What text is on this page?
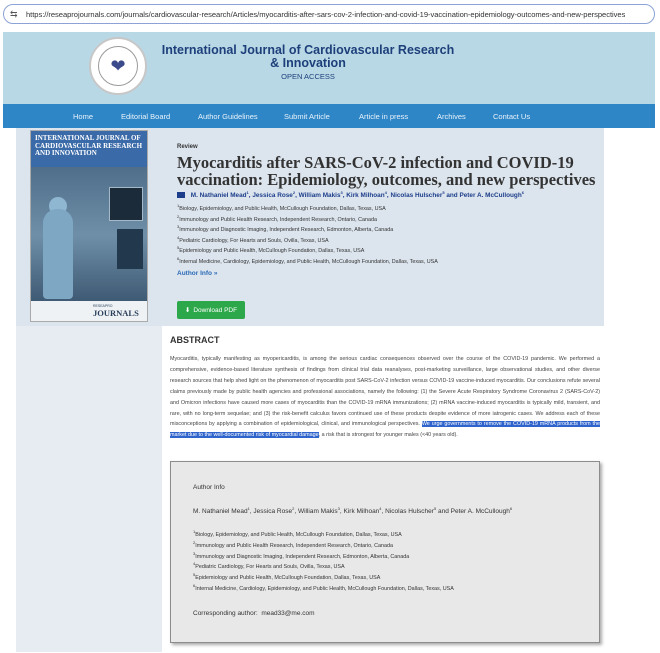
⇆	https://reseaprojournals.com/journals/cardiovascular-research/Articles/myocarditis-after-sars-cov-2-infection-and-covid-19-vaccination-epidemiology-outcomes-and-new-perspectives
❤
International Journal of Cardiovascular Research
& Innovation
OPEN ACCESS
Home	Editorial Board	Author Guidelines	Submit Article	Article in press	Archives	Contact Us
INTERNATIONAL JOURNAL OF CARDIOVASCULAR RESEARCH AND INNOVATION
RESEAPRO
JOURNALS
Review
Myocarditis after SARS-CoV-2 infection and COVID-19 vaccination: Epidemiology, outcomes, and new perspectives
M. Nathaniel Mead$^1$, Jessica Rose$^2$, William Makis$^3$, Kirk Milhoan$^4$, Nicolas Hulscher$^5$ and Peter A. McCullough$^6$
$^1$Biology, Epidemiology, and Public Health, McCullough Foundation, Dallas, Texas, USA
$^2$Immunology and Public Health Research, Independent Research, Ontario, Canada
$^3$Immunology and Diagnostic Imaging, Independent Research, Edmonton, Alberta, Canada
$^4$Pediatric Cardiology, For Hearts and Souls, Ovilla, Texas, USA
$^5$Epidemiology and Public Health, McCullough Foundation, Dallas, Texas, USA
$^6$Internal Medicine, Cardiology, Epidemiology, and Public Health, McCullough Foundation, Dallas, Texas, USA
Author Info »
⬇ Download PDF
ABSTRACT
Myocarditis, typically manifesting as myopericarditis, is among the serious cardiac consequences observed over the course of the COVID-19 pandemic. We performed a comprehensive, evidence-based literature synthesis of findings from clinical trial data reanalyses, post-marketing surveillance, large observational studies, and other diverse research sources that help shed light on the phenomenon of myocarditis post SARS-CoV-2 infection versus COVID-19 vaccine-induced myocarditis. Our conclusions refute several claims previously made by public health agencies and professional associations, namely the following: (1) the Severe Acute Respiratory Syndrome Coronavirus 2 (SARS-CoV-2) and Omicron infections have caused more cases of myocarditis than the COVID-19 mRNA immunizations; (2) mRNA vaccine-induced myocarditis is typically mild, transient, and rare, with no long-term sequelae; and (3) the risk-benefit calculus favors continued use of these products despite evidence of more iatrogenic cases. We address each of these misconceptions by applying a combination of epidemiological, clinical, and immunological perspectives. We urge governments to remove the COVID-19 mRNA products from the market due to the well-documented risk of myocardial damage, a risk that is strongest for younger males (<40 years old).
Author Info
M. Nathaniel Mead$^1$, Jessica Rose$^2$, William Makis$^3$, Kirk Milhoan$^4$, Nicolas Hulscher$^5$ and Peter A. McCullough$^6$
$^1$Biology, Epidemiology, and Public Health, McCullough Foundation, Dallas, Texas, USA
$^2$Immunology and Public Health Research, Independent Research, Ontario, Canada
$^3$Immunology and Diagnostic Imaging, Independent Research, Edmonton, Alberta, Canada
$^4$Pediatric Cardiology, For Hearts and Souls, Ovilla, Texas, USA
$^5$Epidemiology and Public Health, McCullough Foundation, Dallas, Texas, USA
$^6$Internal Medicine, Cardiology, Epidemiology, and Public Health, McCullough Foundation, Dallas, Texas, USA
Corresponding author: mead33@me.com
